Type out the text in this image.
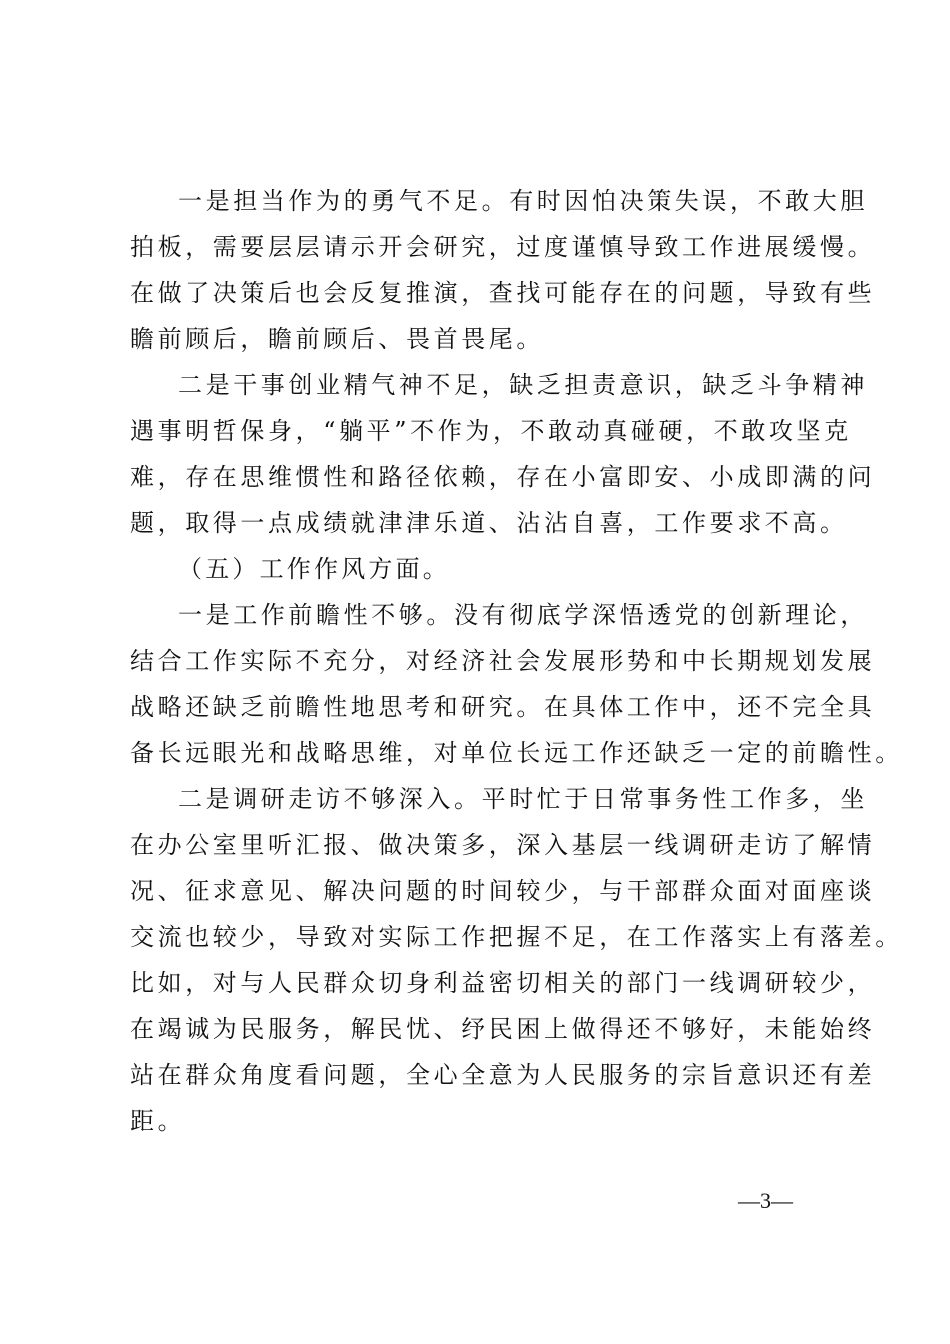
一是担当作为的勇气不足。有时因怕决策失误，不敢大胆
拍板，需要层层请示开会研究，过度谨慎导致工作进展缓慢。
在做了决策后也会反复推演，查找可能存在的问题，导致有些
瞻前顾后，瞻前顾后、畏首畏尾。
二是干事创业精气神不足，缺乏担责意识，缺乏斗争精神
遇事明哲保身，“躺平”不作为，不敢动真碰硬，不敢攻坚克
难，存在思维惯性和路径依赖，存在小富即安、小成即满的问
题，取得一点成绩就津津乐道、沾沾自喜，工作要求不高。
（五）工作作风方面。
一是工作前瞻性不够。没有彻底学深悟透党的创新理论，
结合工作实际不充分，对经济社会发展形势和中长期规划发展
战略还缺乏前瞻性地思考和研究。在具体工作中，还不完全具
备长远眼光和战略思维，对单位长远工作还缺乏一定的前瞻性。
二是调研走访不够深入。平时忙于日常事务性工作多，坐
在办公室里听汇报、做决策多，深入基层一线调研走访了解情
况、征求意见、解决问题的时间较少，与干部群众面对面座谈
交流也较少，导致对实际工作把握不足，在工作落实上有落差。
比如，对与人民群众切身利益密切相关的部门一线调研较少，
在竭诚为民服务，解民忧、纾民困上做得还不够好，未能始终
站在群众角度看问题，全心全意为人民服务的宗旨意识还有差
距。
—3—
